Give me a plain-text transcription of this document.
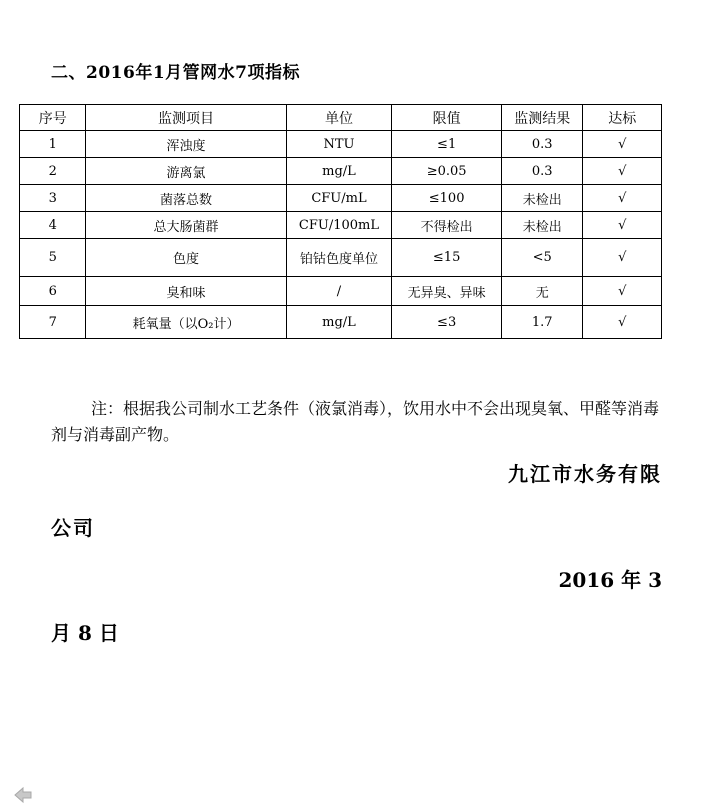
二、2016年1月管网水7项指标
序号	监测项目	单位	限值	监测结果	达标
1	浑浊度	NTU	≤1	0.3	√
2	游离氯	mg/L	≥0.05	0.3	√
3	菌落总数	CFU/mL	≤100	未检出	√
4	总大肠菌群	CFU/100mL	不得检出	未检出	√
5	色度	铂钴色度单位	≤15	<5	√
6	臭和味	/	无异臭、异味	无	√
7	耗氧量（以O₂计）	mg/L	≤3	1.7	√
注：根据我公司制水工艺条件（液氯消毒），饮用水中不会出现臭氧、甲醛等消毒剂与消毒副产物。
九江市水务有限
公司
2016 年 3
月 8 日
